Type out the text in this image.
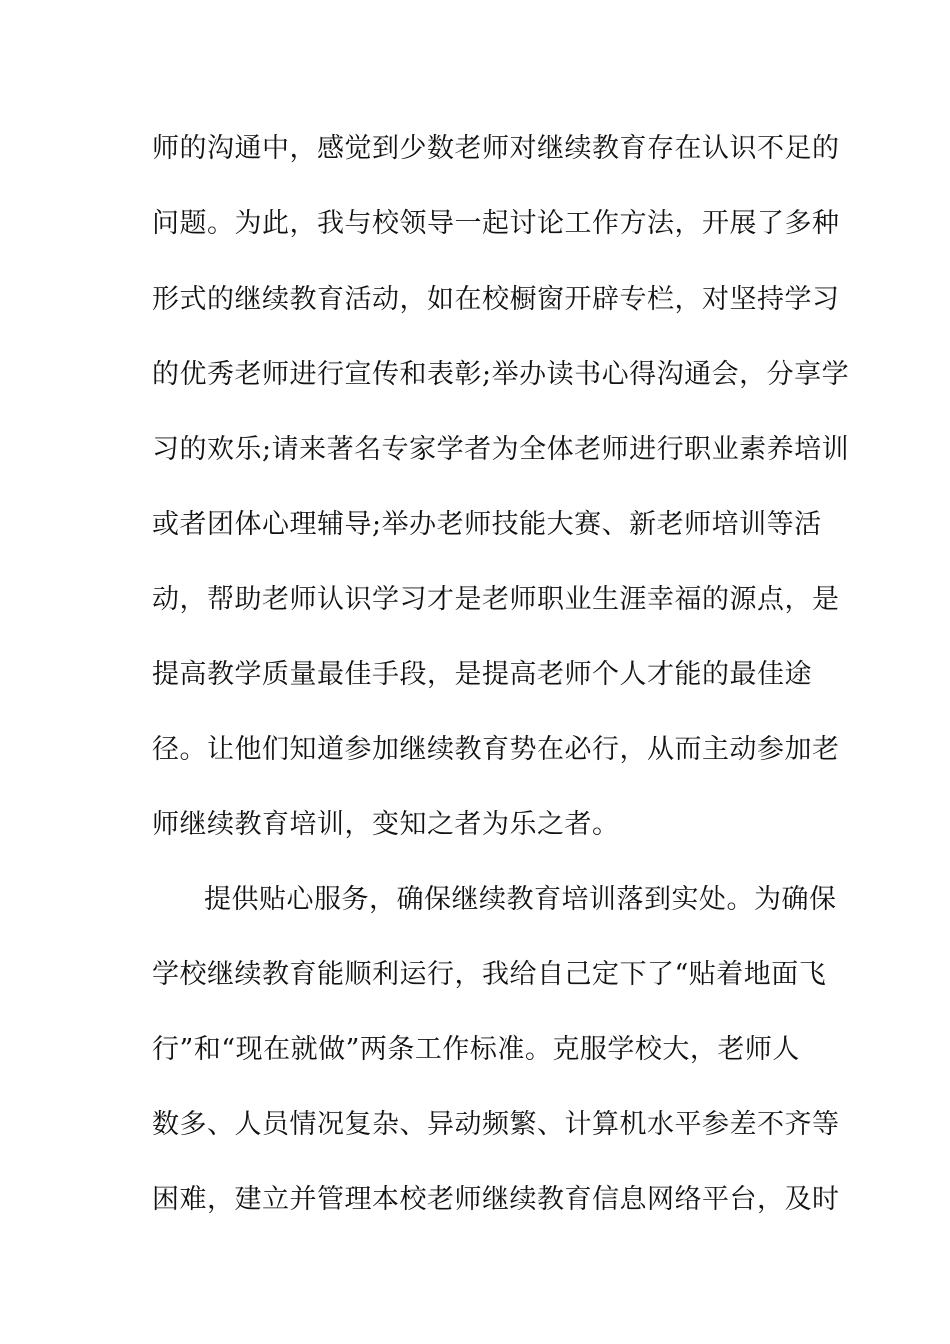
师的沟通中，感觉到少数老师对继续教育存在认识不足的
问题。为此，我与校领导一起讨论工作方法，开展了多种
形式的继续教育活动，如在校橱窗开辟专栏，对坚持学习
的优秀老师进行宣传和表彰;举办读书心得沟通会，分享学
习的欢乐;请来著名专家学者为全体老师进行职业素养培训
或者团体心理辅导;举办老师技能大赛、新老师培训等活
动，帮助老师认识学习才是老师职业生涯幸福的源点，是
提高教学质量最佳手段，是提高老师个人才能的最佳途
径。让他们知道参加继续教育势在必行，从而主动参加老
师继续教育培训，变知之者为乐之者。
提供贴心服务，确保继续教育培训落到实处。为确保
学校继续教育能顺利运行，我给自己定下了“贴着地面飞
行”和“现在就做”两条工作标准。克服学校大，老师人
数多、人员情况复杂、异动频繁、计算机水平参差不齐等
困难，建立并管理本校老师继续教育信息网络平台，及时
